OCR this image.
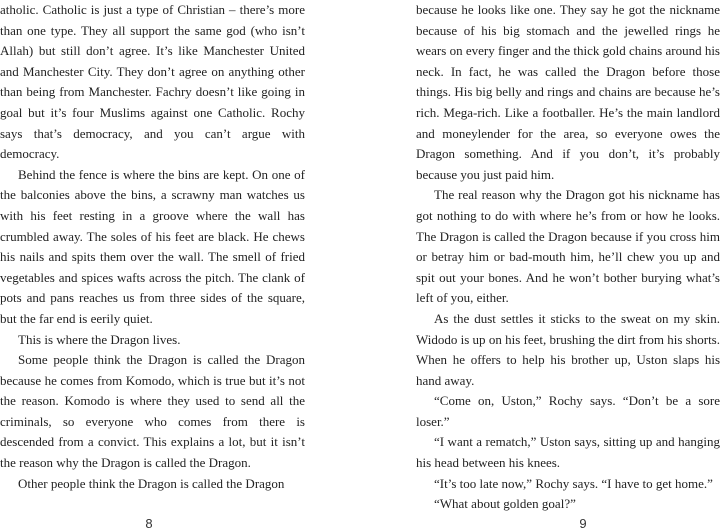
atholic. Catholic is just a type of Christian – there’s more than one type. They all support the same god (who isn’t Allah) but still don’t agree. It’s like Manchester United and Manchester City. They don’t agree on anything other than being from Manchester. Fachry doesn’t like going in goal but it’s four Muslims against one Catholic. Rochy says that’s democracy, and you can’t argue with democracy.

Behind the fence is where the bins are kept. On one of the balconies above the bins, a scrawny man watches us with his feet resting in a groove where the wall has crumbled away. The soles of his feet are black. He chews his nails and spits them over the wall. The smell of fried vegetables and spices wafts across the pitch. The clank of pots and pans reaches us from three sides of the square, but the far end is eerily quiet.

This is where the Dragon lives.

Some people think the Dragon is called the Dragon because he comes from Komodo, which is true but it’s not the reason. Komodo is where they used to send all the criminals, so everyone who comes from there is descended from a convict. This explains a lot, but it isn’t the reason why the Dragon is called the Dragon.

Other people think the Dragon is called the Dragon

8

because he looks like one. They say he got the nickname because of his big stomach and the jewelled rings he wears on every finger and the thick gold chains around his neck. In fact, he was called the Dragon before those things. His big belly and rings and chains are because he’s rich. Mega-rich. Like a footballer. He’s the main landlord and moneylender for the area, so everyone owes the Dragon something. And if you don’t, it’s probably because you just paid him.

The real reason why the Dragon got his nickname has got nothing to do with where he’s from or how he looks. The Dragon is called the Dragon because if you cross him or betray him or bad-mouth him, he’ll chew you up and spit out your bones. And he won’t bother burying what’s left of you, either.

As the dust settles it sticks to the sweat on my skin. Widodo is up on his feet, brushing the dirt from his shorts. When he offers to help his brother up, Uston slaps his hand away.

“Come on, Uston,” Rochy says. “Don’t be a sore loser.”

“I want a rematch,” Uston says, sitting up and hanging his head between his knees.

“It’s too late now,” Rochy says. “I have to get home.”

“What about golden goal?”

9
